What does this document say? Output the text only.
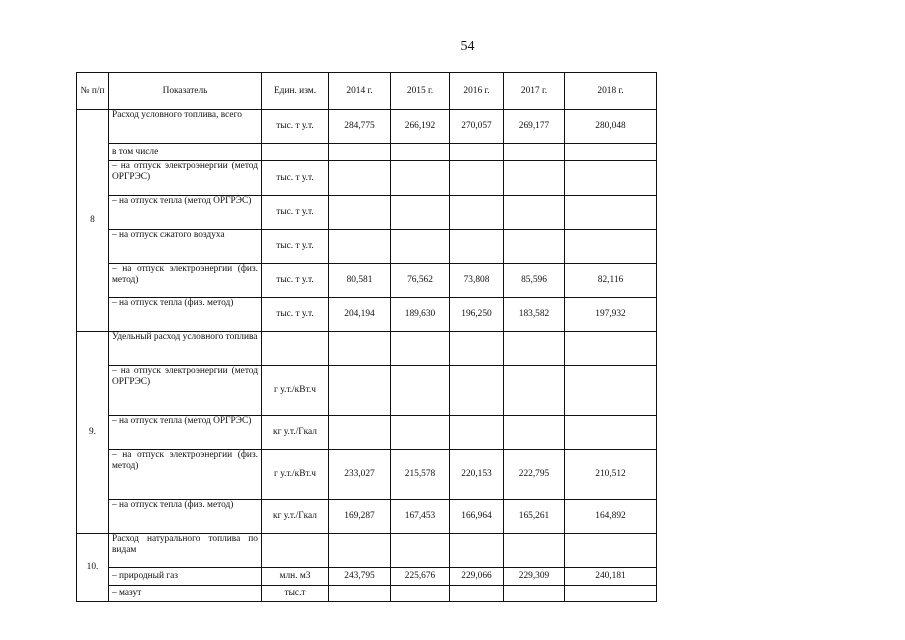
54
№ п/п	Показатель	Един. изм.	2014 г.	2015 г.	2016 г.	2017 г.	2018 г.
8	Расход условного топлива, всего	тыс. т у.т.	284,775	266,192	270,057	269,177	280,048
	в том числе						
	– на отпуск электроэнергии (метод ОРГРЭС)	тыс. т у.т.					
	– на отпуск тепла (метод ОРГРЭС)	тыс. т у.т.					
	– на отпуск сжатого воздуха	тыс. т у.т.					
	– на отпуск электроэнергии (физ. метод)	тыс. т у.т.	80,581	76,562	73,808	85,596	82,116
	– на отпуск тепла (физ. метод)	тыс. т у.т.	204,194	189,630	196,250	183,582	197,932
9.	Удельный расход условного топлива						
	– на отпуск электроэнергии (метод ОРГРЭС)	г у.т./кВт.ч					
	– на отпуск тепла (метод ОРГРЭС)	кг у.т./Гкал					
	– на отпуск электроэнергии (физ. метод)	г у.т./кВт.ч	233,027	215,578	220,153	222,795	210,512
	– на отпуск тепла (физ. метод)	кг у.т./Гкал	169,287	167,453	166,964	165,261	164,892
10.	Расход натурального топлива по видам						
	– природный газ	млн. м3	243,795	225,676	229,066	229,309	240,181
	– мазут	тыс.т					
